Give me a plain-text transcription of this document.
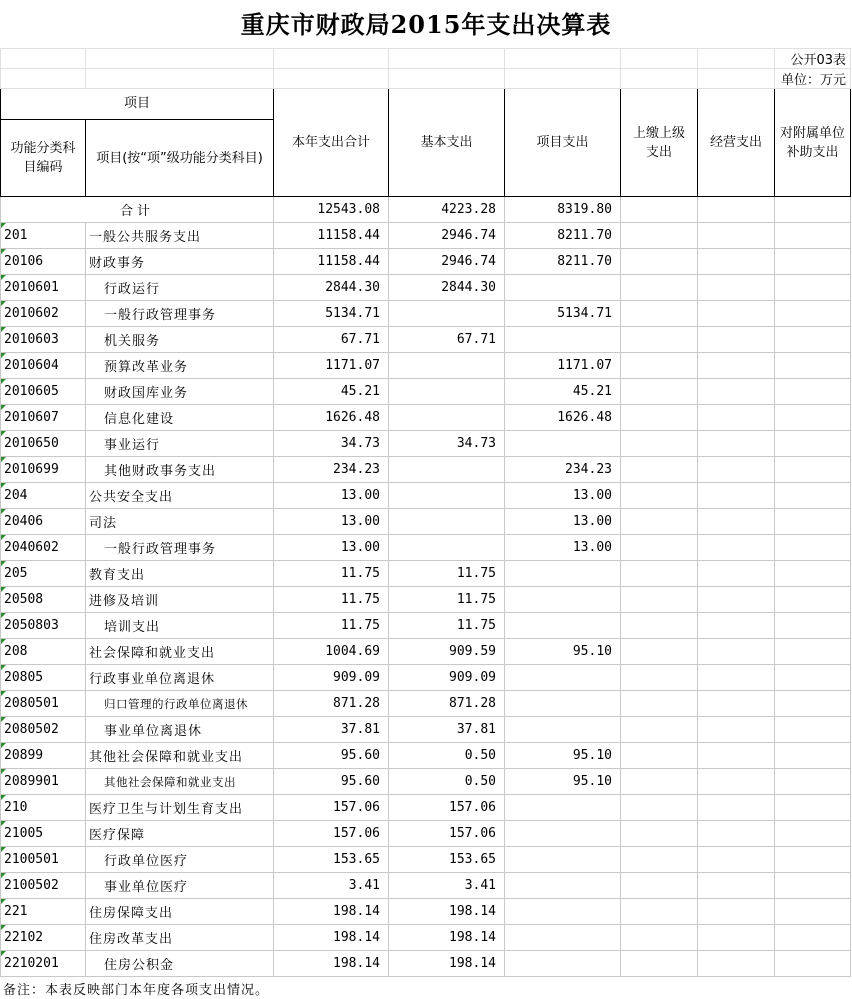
重庆市财政局2015年支出决算表
							公开03表
							单位：万元
项目		本年支出合计	基本支出	项目支出	上缴上级支出	经营支出	对附属单位补助支出
功能分类科目编码	项目(按“项”级功能分类科目)						
合计		12543.08	4223.28	8319.80			
201	一般公共服务支出	11158.44	2946.74	8211.70			
20106	财政事务	11158.44	2946.74	8211.70			
2010601	行政运行	2844.30	2844.30				
2010602	一般行政管理事务	5134.71		5134.71			
2010603	机关服务	67.71	67.71				
2010604	预算改革业务	1171.07		1171.07			
2010605	财政国库业务	45.21		45.21			
2010607	信息化建设	1626.48		1626.48			
2010650	事业运行	34.73	34.73				
2010699	其他财政事务支出	234.23		234.23			
204	公共安全支出	13.00		13.00			
20406	司法	13.00		13.00			
2040602	一般行政管理事务	13.00		13.00			
205	教育支出	11.75	11.75				
20508	进修及培训	11.75	11.75				
2050803	培训支出	11.75	11.75				
208	社会保障和就业支出	1004.69	909.59	95.10			
20805	行政事业单位离退休	909.09	909.09				
2080501	归口管理的行政单位离退休	871.28	871.28				
2080502	事业单位离退休	37.81	37.81				
20899	其他社会保障和就业支出	95.60	0.50	95.10			
2089901	其他社会保障和就业支出	95.60	0.50	95.10			
210	医疗卫生与计划生育支出	157.06	157.06				
21005	医疗保障	157.06	157.06				
2100501	行政单位医疗	153.65	153.65				
2100502	事业单位医疗	3.41	3.41				
221	住房保障支出	198.14	198.14				
22102	住房改革支出	198.14	198.14				
2210201	住房公积金	198.14	198.14				
备注：本表反映部门本年度各项支出情况。
